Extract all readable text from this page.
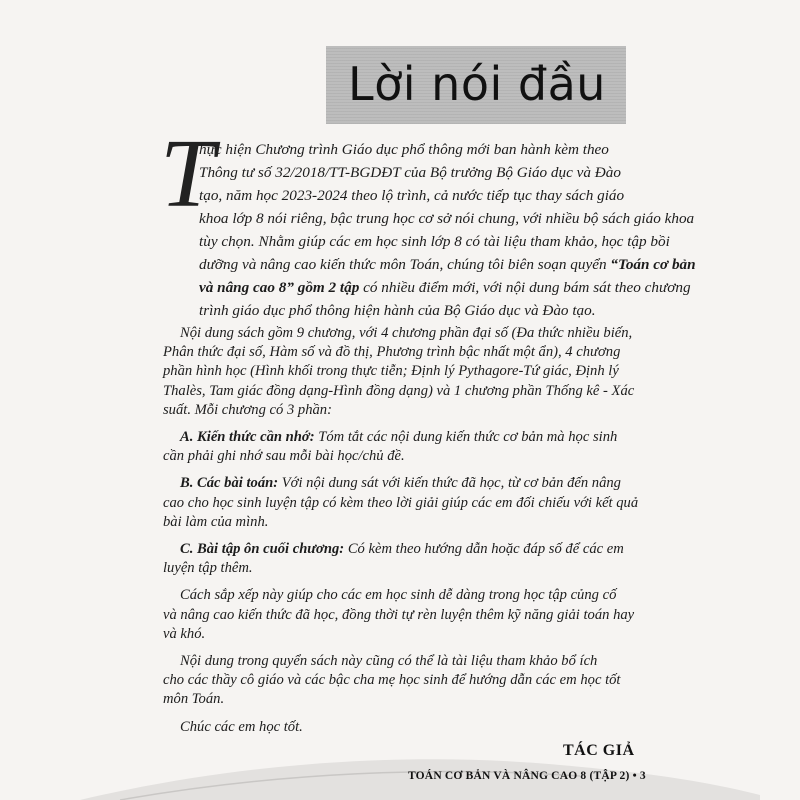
Lời nói đầu
T
hực hiện Chương trình Giáo dục phổ thông mới ban hành kèm theo
Thông tư số 32/2018/TT-BGDĐT của Bộ trưởng Bộ Giáo dục và Đào
tạo, năm học 2023-2024 theo lộ trình, cả nước tiếp tục thay sách giáo
khoa lớp 8 nói riêng, bậc trung học cơ sở nói chung, với nhiều bộ sách giáo khoa
tùy chọn. Nhằm giúp các em học sinh lớp 8 có tài liệu tham khảo, học tập bồi
dưỡng và nâng cao kiến thức môn Toán, chúng tôi biên soạn quyển “Toán cơ bản
và nâng cao 8” gồm 2 tập có nhiều điểm mới, với nội dung bám sát theo chương
trình giáo dục phổ thông hiện hành của Bộ Giáo dục và Đào tạo.
Nội dung sách gồm 9 chương, với 4 chương phần đại số (Đa thức nhiều biến,
Phân thức đại số, Hàm số và đồ thị, Phương trình bậc nhất một ẩn), 4 chương
phần hình học (Hình khối trong thực tiễn; Định lý Pythagore-Tứ giác, Định lý
Thalès, Tam giác đồng dạng-Hình đồng dạng) và 1 chương phần Thống kê - Xác
suất. Mỗi chương có 3 phần:
A. Kiến thức cần nhớ: Tóm tắt các nội dung kiến thức cơ bản mà học sinh
cần phải ghi nhớ sau mỗi bài học/chủ đề.
B. Các bài toán: Với nội dung sát với kiến thức đã học, từ cơ bản đến nâng
cao cho học sinh luyện tập có kèm theo lời giải giúp các em đối chiếu với kết quả
bài làm của mình.
C. Bài tập ôn cuối chương: Có kèm theo hướng dẫn hoặc đáp số để các em
luyện tập thêm.
Cách sắp xếp này giúp cho các em học sinh dễ dàng trong học tập củng cố
và nâng cao kiến thức đã học, đồng thời tự rèn luyện thêm kỹ năng giải toán hay
và khó.
Nội dung trong quyển sách này cũng có thể là tài liệu tham khảo bổ ích
cho các thầy cô giáo và các bậc cha mẹ học sinh để hướng dẫn các em học tốt
môn Toán.
Chúc các em học tốt.
TÁC GIẢ
TOÁN CƠ BẢN VÀ NÂNG CAO 8 (TẬP 2) • 3
